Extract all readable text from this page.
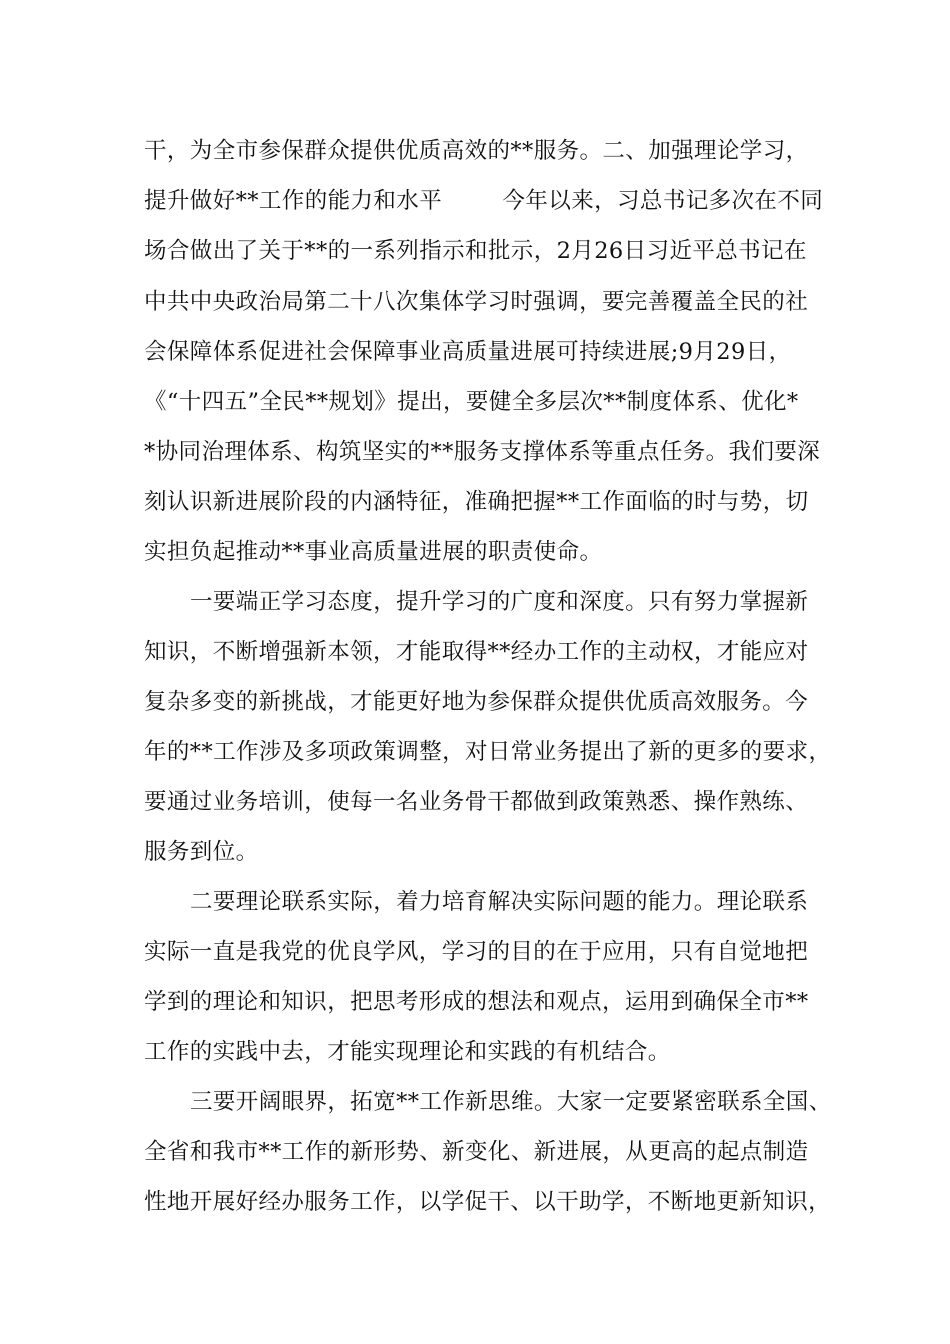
干，为全市参保群众提供优质高效的**服务。二、加强理论学习，
提升做好**工作的能力和水平        今年以来，习总书记多次在不同
场合做出了关于**的一系列指示和批示，2月26日习近平总书记在
中共中央政治局第二十八次集体学习时强调，要完善覆盖全民的社
会保障体系促进社会保障事业高质量进展可持续进展;9月29日，
《“十四五”全民**规划》提出，要健全多层次**制度体系、优化*
*协同治理体系、构筑坚实的**服务支撑体系等重点任务。我们要深
刻认识新进展阶段的内涵特征，准确把握**工作面临的时与势，切
实担负起推动**事业高质量进展的职责使命。
一要端正学习态度，提升学习的广度和深度。只有努力掌握新
知识，不断增强新本领，才能取得**经办工作的主动权，才能应对
复杂多变的新挑战，才能更好地为参保群众提供优质高效服务。今
年的**工作涉及多项政策调整，对日常业务提出了新的更多的要求，
要通过业务培训，使每一名业务骨干都做到政策熟悉、操作熟练、
服务到位。
二要理论联系实际，着力培育解决实际问题的能力。理论联系
实际一直是我党的优良学风，学习的目的在于应用，只有自觉地把
学到的理论和知识，把思考形成的想法和观点，运用到确保全市**
工作的实践中去，才能实现理论和实践的有机结合。
三要开阔眼界，拓宽**工作新思维。大家一定要紧密联系全国、
全省和我市**工作的新形势、新变化、新进展，从更高的起点制造
性地开展好经办服务工作，以学促干、以干助学，不断地更新知识，
